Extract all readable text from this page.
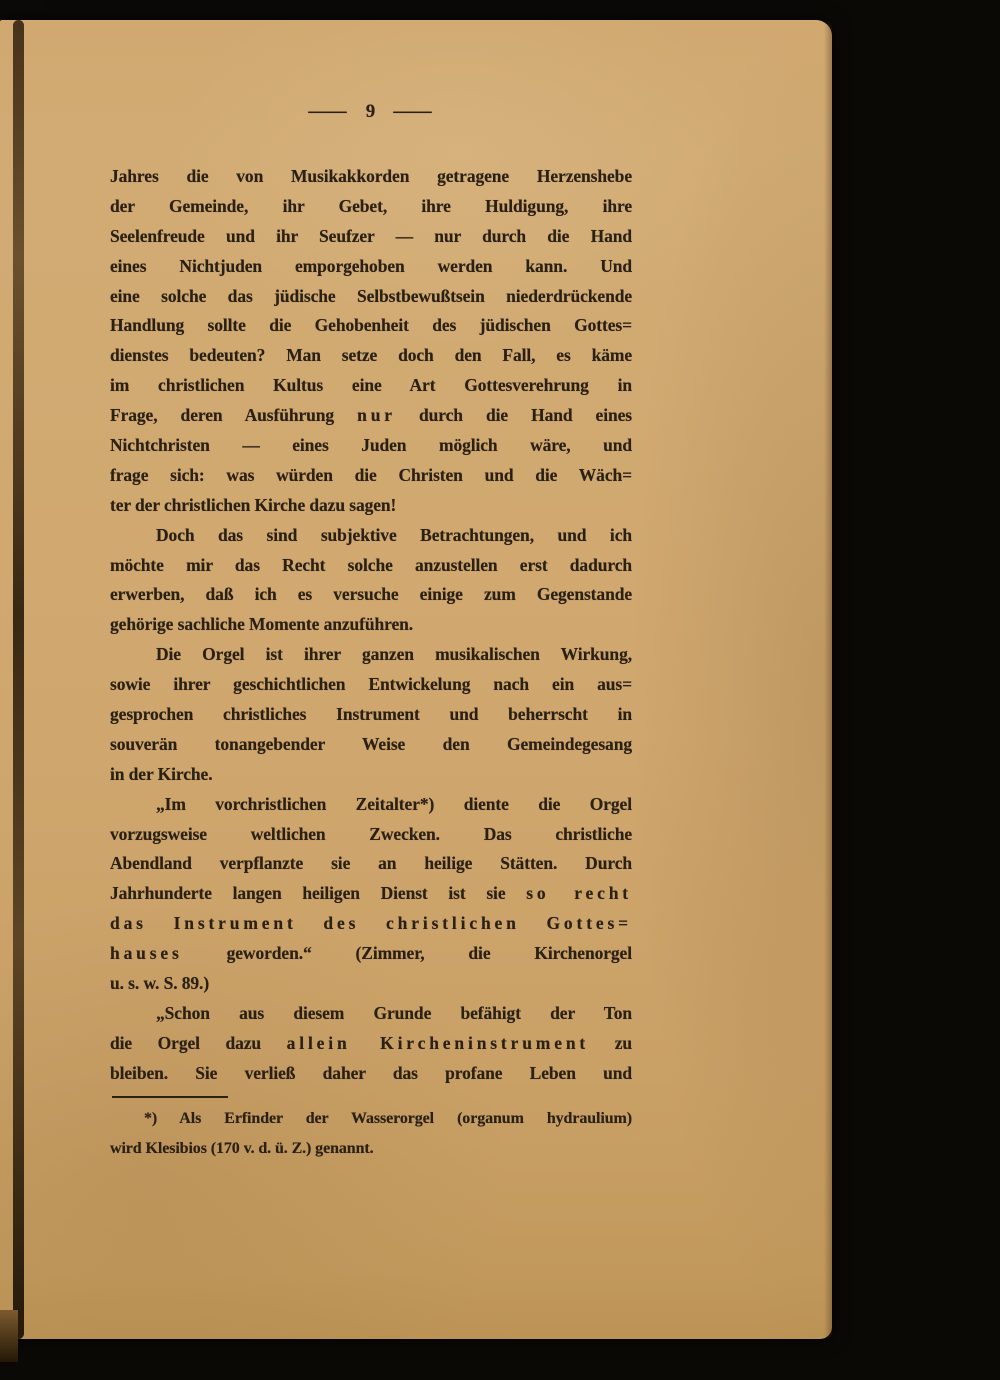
— 9 —
Jahres die von Musikakkorden getragene Herzenshebe
der Gemeinde, ihr Gebet, ihre Huldigung, ihre
Seelenfreude und ihr Seufzer — nur durch die Hand
eines Nichtjuden emporgehoben werden kann. Und
eine solche das jüdische Selbstbewußtsein niederdrückende
Handlung sollte die Gehobenheit des jüdischen Gottes=
dienstes bedeuten? Man setze doch den Fall, es käme
im christlichen Kultus eine Art Gottesverehrung in
Frage, deren Ausführung nur durch die Hand eines
Nichtchristen — eines Juden möglich wäre, und
frage sich: was würden die Christen und die Wäch=
ter der christlichen Kirche dazu sagen!
Doch das sind subjektive Betrachtungen, und ich
möchte mir das Recht solche anzustellen erst dadurch
erwerben, daß ich es versuche einige zum Gegenstande
gehörige sachliche Momente anzuführen.
Die Orgel ist ihrer ganzen musikalischen Wirkung,
sowie ihrer geschichtlichen Entwickelung nach ein aus=
gesprochen christliches Instrument und beherrscht in
souverän tonangebender Weise den Gemeindegesang
in der Kirche.
„Im vorchristlichen Zeitalter*) diente die Orgel
vorzugsweise weltlichen Zwecken. Das christliche
Abendland verpflanzte sie an heilige Stätten. Durch
Jahrhunderte langen heiligen Dienst ist sie so recht
das Instrument des christlichen Gottes=
hauses geworden.“ (Zimmer, die Kirchenorgel
u. s. w. S. 89.)
„Schon aus diesem Grunde befähigt der Ton
die Orgel dazu allein Kircheninstrument zu
bleiben. Sie verließ daher das profane Leben und
*) Als Erfinder der Wasserorgel (organum hydraulium)
wird Klesibios (170 v. d. ü. Z.) genannt.
